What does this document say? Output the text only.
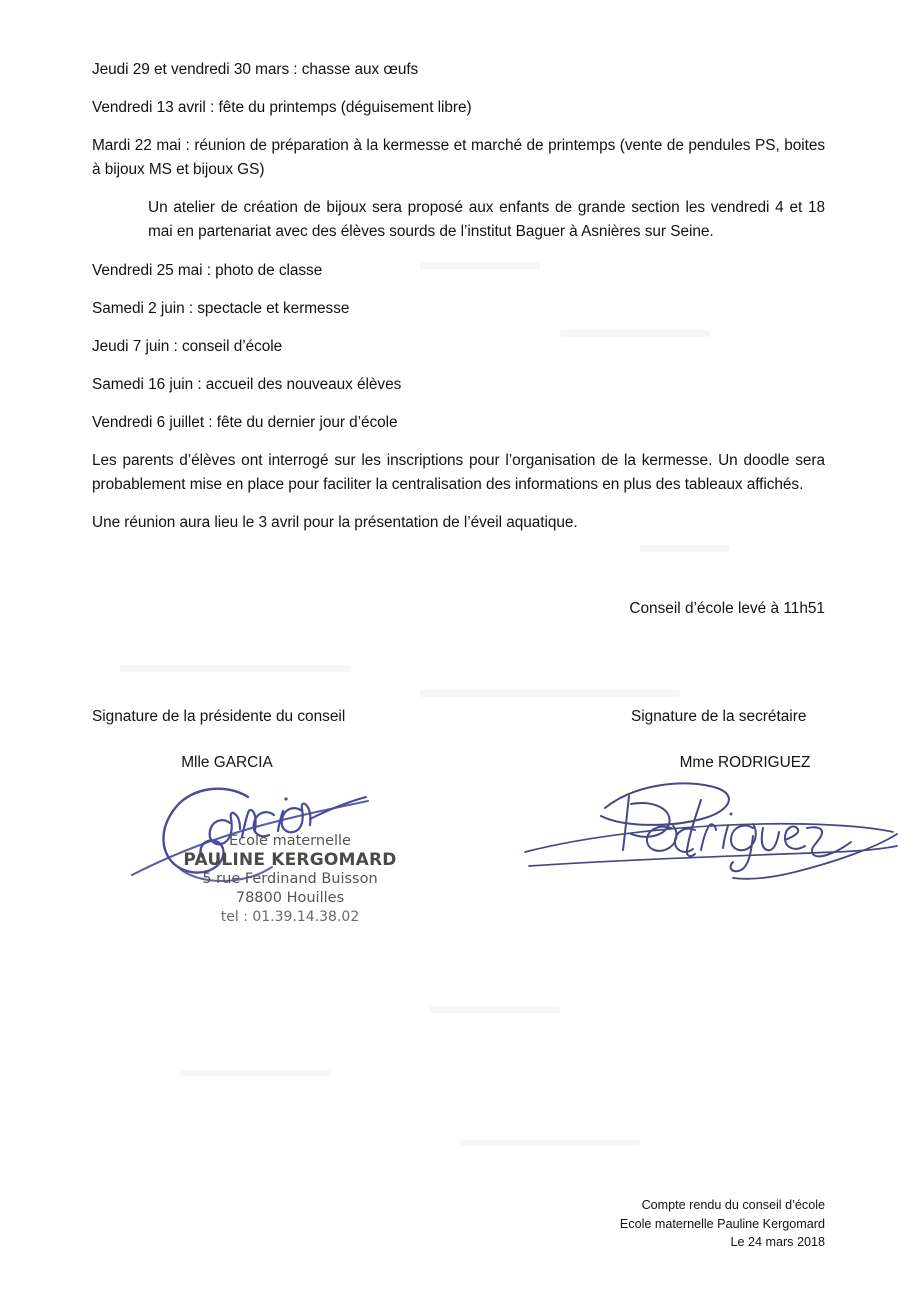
Jeudi 29 et vendredi 30 mars : chasse aux œufs

Vendredi 13 avril : fête du printemps (déguisement libre)

Mardi 22 mai : réunion de préparation à la kermesse et marché de printemps (vente de pendules PS, boites à bijoux MS et bijoux GS)

Un atelier de création de bijoux sera proposé aux enfants de grande section les vendredi 4 et 18 mai en partenariat avec des élèves sourds de l’institut Baguer à Asnières sur Seine.

Vendredi 25 mai : photo de classe

Samedi 2 juin : spectacle et kermesse

Jeudi 7 juin : conseil d’école

Samedi 16 juin : accueil des nouveaux élèves

Vendredi 6 juillet : fête du dernier jour d’école

Les parents d’élèves ont interrogé sur les inscriptions pour l’organisation de la kermesse. Un doodle sera probablement mise en place pour faciliter la centralisation des informations en plus des tableaux affichés.

Une réunion aura lieu le 3 avril pour la présentation de l’éveil aquatique.

Conseil d’école levé à 11h51
Signature de la présidente du conseil
Mlle GARCIA
Signature de la secrétaire
Mme RODRIGUEZ
Ecole maternelle
PAULINE KERGOMARD
5 rue Ferdinand Buisson
78800 Houilles
tel : 01.39.14.38.02
Compte rendu du conseil d’école
Ecole maternelle Pauline Kergomard
Le 24 mars 2018
